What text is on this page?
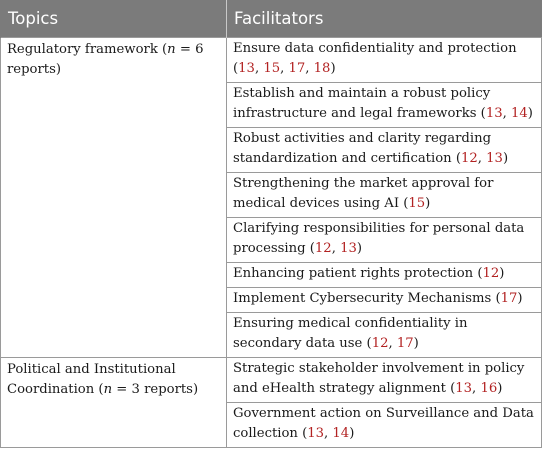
Topics	Facilitators
Regulatory framework (n = 6 reports)	Ensure data confidentiality and protection (13, 15, 17, 18)
	Establish and maintain a robust policy infrastructure and legal frameworks (13, 14)
	Robust activities and clarity regarding standardization and certification (12, 13)
	Strengthening the market approval for medical devices using AI (15)
	Clarifying responsibilities for personal data processing (12, 13)
	Enhancing patient rights protection (12)
	Implement Cybersecurity Mechanisms (17)
	Ensuring medical confidentiality in secondary data use (12, 17)
Political and Institutional Coordination (n = 3 reports)	Strategic stakeholder involvement in policy and eHealth strategy alignment (13, 16)
	Government action on Surveillance and Data collection (13, 14)
